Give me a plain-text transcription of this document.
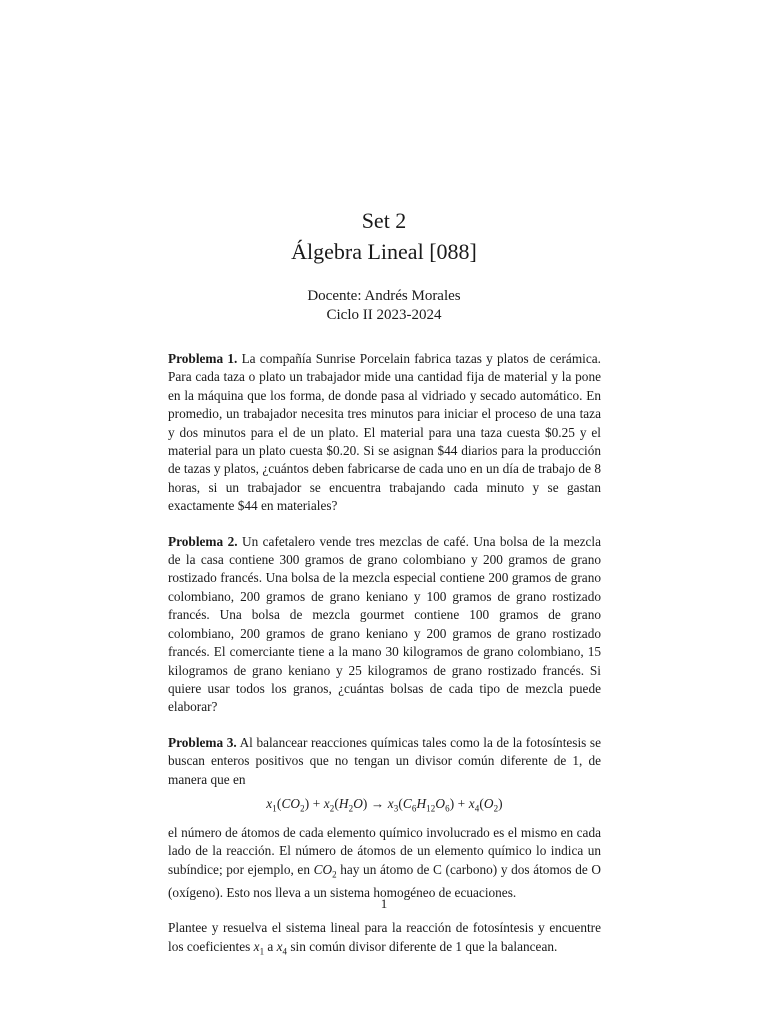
Set 2
Álgebra Lineal [088]
Docente: Andrés Morales
Ciclo II 2023-2024

Problema 1. La compañía Sunrise Porcelain fabrica tazas y platos de cerámica. Para cada taza o plato un trabajador mide una cantidad fija de material y la pone en la máquina que los forma, de donde pasa al vidriado y secado automático. En promedio, un trabajador necesita tres minutos para iniciar el proceso de una taza y dos minutos para el de un plato. El material para una taza cuesta $0.25 y el material para un plato cuesta $0.20. Si se asignan $44 diarios para la producción de tazas y platos, ¿cuántos deben fabricarse de cada uno en un día de trabajo de 8 horas, si un trabajador se encuentra trabajando cada minuto y se gastan exactamente $44 en materiales?

Problema 2. Un cafetalero vende tres mezclas de café. Una bolsa de la mezcla de la casa contiene 300 gramos de grano colombiano y 200 gramos de grano rostizado francés. Una bolsa de la mezcla especial contiene 200 gramos de grano colombiano, 200 gramos de grano keniano y 100 gramos de grano rostizado francés. Una bolsa de mezcla gourmet contiene 100 gramos de grano colombiano, 200 gramos de grano keniano y 200 gramos de grano rostizado francés. El comerciante tiene a la mano 30 kilogramos de grano colombiano, 15 kilogramos de grano keniano y 25 kilogramos de grano rostizado francés. Si quiere usar todos los granos, ¿cuántas bolsas de cada tipo de mezcla puede elaborar?

Problema 3. Al balancear reacciones químicas tales como la de la fotosíntesis se buscan enteros positivos que no tengan un divisor común diferente de 1, de manera que en

$x_1(CO_2) + x_2(H_2O) \to x_3(C_6H_{12}O_6) + x_4(O_2)$

el número de átomos de cada elemento químico involucrado es el mismo en cada lado de la reacción. El número de átomos de un elemento químico lo indica un subíndice; por ejemplo, en $CO_2$ hay un átomo de C (carbono) y dos átomos de O (oxígeno). Esto nos lleva a un sistema homogéneo de ecuaciones.

Plantee y resuelva el sistema lineal para la reacción de fotosíntesis y encuentre los coeficientes $x_1$ a $x_4$ sin común divisor diferente de 1 que la balancean.

1
